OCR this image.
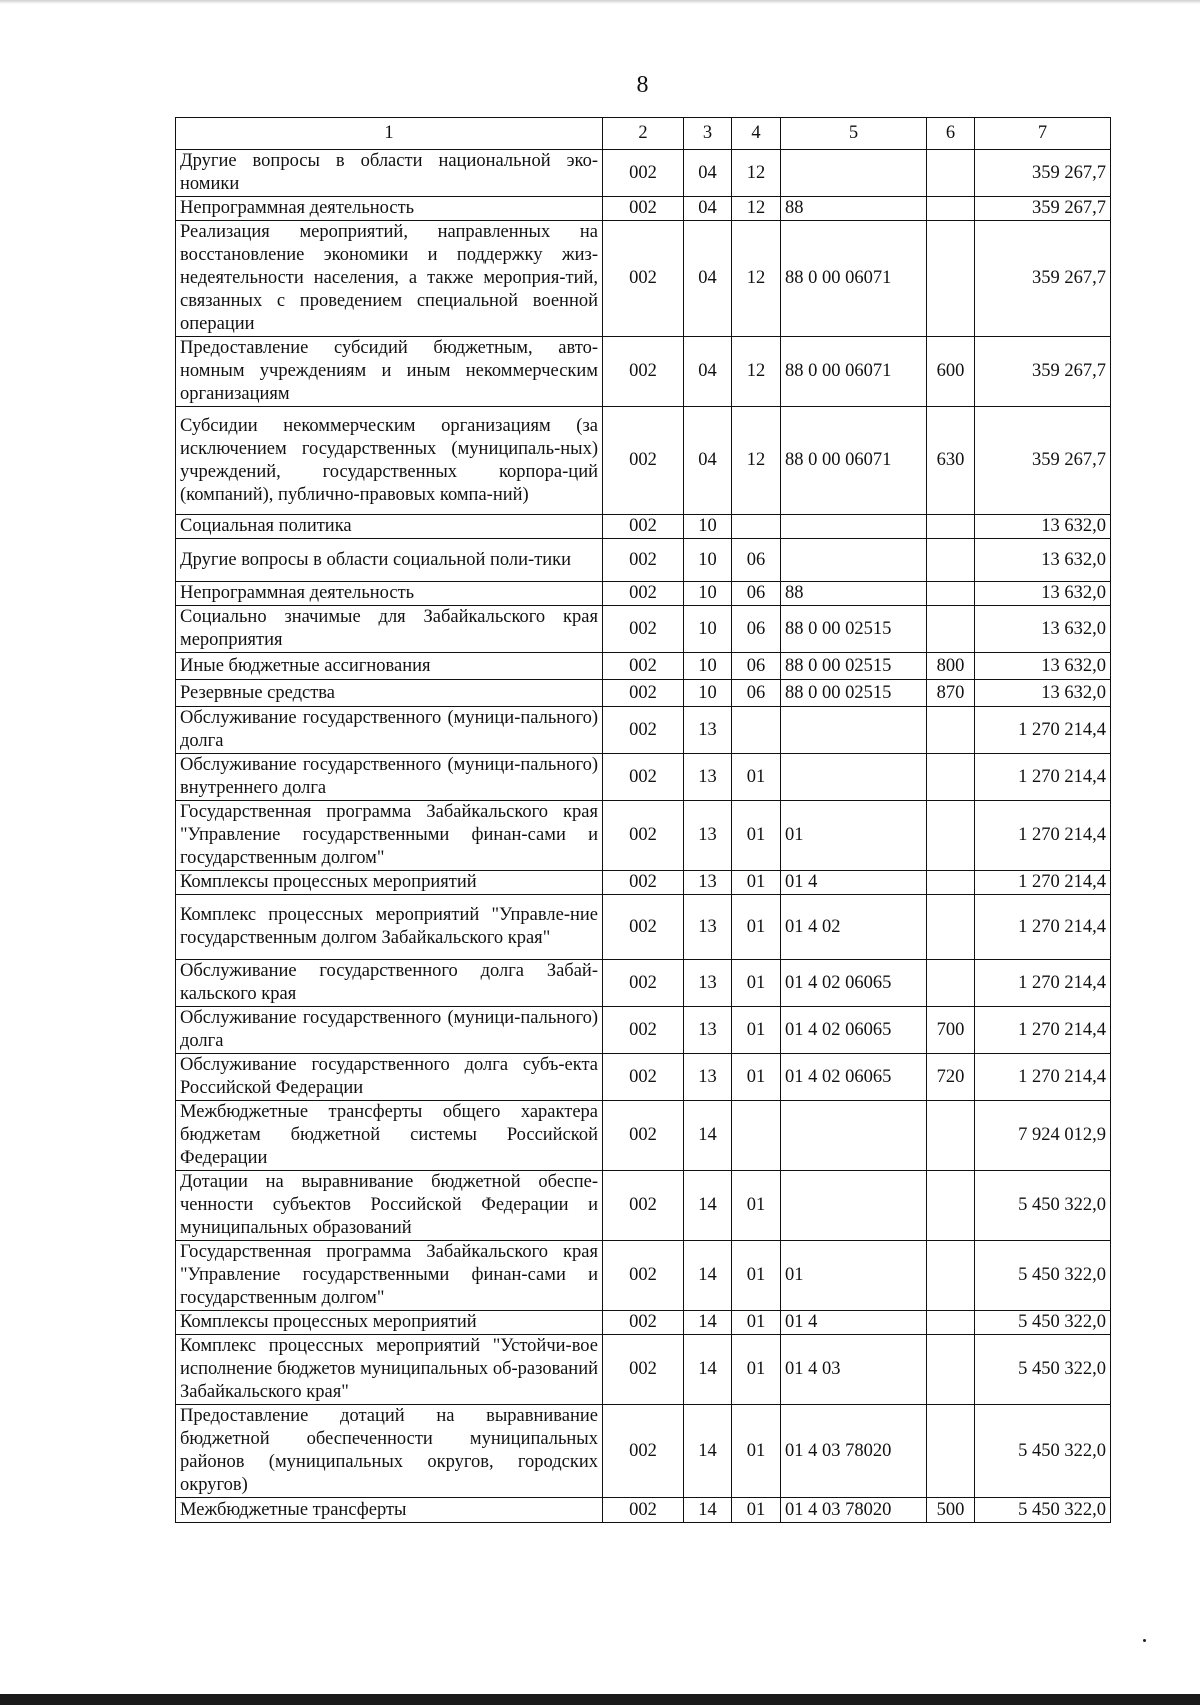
8
1	2	3	4	5	6	7
Другие вопросы в области национальной эко-номики	002	04	12			359 267,7
Непрограммная деятельность	002	04	12	88		359 267,7
Реализация мероприятий, направленных на восстановление экономики и поддержку жиз-недеятельности населения, а также мероприя-тий, связанных с проведением специальной военной операции	002	04	12	88 0 00 06071		359 267,7
Предоставление субсидий бюджетным, авто-номным учреждениям и иным некоммерческим организациям	002	04	12	88 0 00 06071	600	359 267,7
Субсидии некоммерческим организациям (за исключением государственных (муниципаль-ных) учреждений, государственных корпора-ций (компаний), публично-правовых компа-ний)	002	04	12	88 0 00 06071	630	359 267,7
Социальная политика	002	10				13 632,0
Другие вопросы в области социальной поли-тики	002	10	06			13 632,0
Непрограммная деятельность	002	10	06	88		13 632,0
Социально значимые для Забайкальского края мероприятия	002	10	06	88 0 00 02515		13 632,0
Иные бюджетные ассигнования	002	10	06	88 0 00 02515	800	13 632,0
Резервные средства	002	10	06	88 0 00 02515	870	13 632,0
Обслуживание государственного (муници-пального) долга	002	13				1 270 214,4
Обслуживание государственного (муници-пального) внутреннего долга	002	13	01			1 270 214,4
Государственная программа Забайкальского края "Управление государственными финан-сами и государственным долгом"	002	13	01	01		1 270 214,4
Комплексы процессных мероприятий	002	13	01	01 4		1 270 214,4
Комплекс процессных мероприятий "Управле-ние государственным долгом Забайкальского края"	002	13	01	01 4 02		1 270 214,4
Обслуживание государственного долга Забай-кальского края	002	13	01	01 4 02 06065		1 270 214,4
Обслуживание государственного (муници-пального) долга	002	13	01	01 4 02 06065	700	1 270 214,4
Обслуживание государственного долга субъ-екта Российской Федерации	002	13	01	01 4 02 06065	720	1 270 214,4
Межбюджетные трансферты общего характера бюджетам бюджетной системы Российской Федерации	002	14				7 924 012,9
Дотации на выравнивание бюджетной обеспе-ченности субъектов Российской Федерации и муниципальных образований	002	14	01			5 450 322,0
Государственная программа Забайкальского края "Управление государственными финан-сами и государственным долгом"	002	14	01	01		5 450 322,0
Комплексы процессных мероприятий	002	14	01	01 4		5 450 322,0
Комплекс процессных мероприятий "Устойчи-вое исполнение бюджетов муниципальных об-разований Забайкальского края"	002	14	01	01 4 03		5 450 322,0
Предоставление дотаций на выравнивание бюджетной обеспеченности муниципальных районов (муниципальных округов, городских округов)	002	14	01	01 4 03 78020		5 450 322,0
Межбюджетные трансферты	002	14	01	01 4 03 78020	500	5 450 322,0
